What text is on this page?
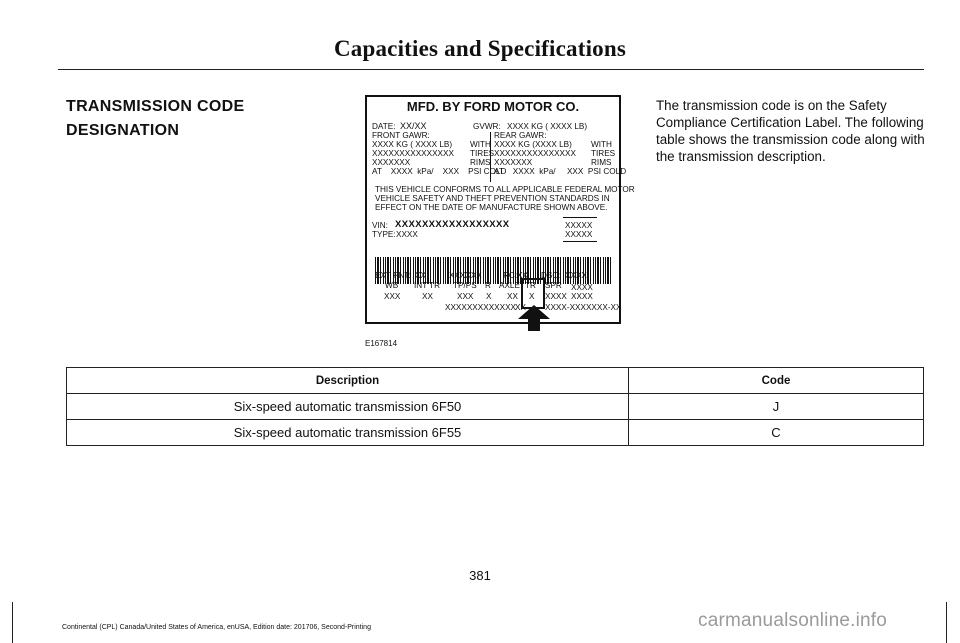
Capacities and Specifications
TRANSMISSION CODE
DESIGNATION
The transmission code is on the Safety Compliance Certification Label. The following table shows the transmission code along with the transmission description.
MFD. BY FORD MOTOR CO.
DATE: XX/XX	GVWR: XXXX KG ( XXXX LB)
FRONT GAWR:	REAR GAWR:
XXXX KG ( XXXX LB)	XXXX KG (XXXX LB)
WITH	WITH
XXXXXXXXXXXXXXX	XXXXXXXXXXXXXXX
TIRES	TIRES
XXXXXXX	XXXXXXX
RIMS	RIMS
AT    XXXX  kPa/    XXX    PSI COLD
AT    XXXX  kPa/     XXX  PSI COLD
THIS VEHICLE CONFORMS TO ALL APPLICABLE FEDERAL MOTOR
VEHICLE SAFETY AND THEFT PREVENTION STANDARDS IN
EFFECT ON THE DATE OF MANUFACTURE SHOWN ABOVE.
VIN: XXXXXXXXXXXXXXXXX
TYPE: XXXX
XXXXX
XXXXX
EXT PNT: XX	XXXXXX	RC: XX DSO: XXXX
WB INT TR TP/PS R AXLE TR SPR XXXX
XXX	XX	XXX X XX X XXXX XXXX
XXXXXXXXXXXXX XX XXXX-XXXXXXX-XX
E167814
Description	Code
Six-speed automatic transmission 6F50	J
Six-speed automatic transmission 6F55	C
381
Continental (CPL) Canada/United States of America, enUSA, Edition date: 201706, Second-Printing	carmanualsonline.info
